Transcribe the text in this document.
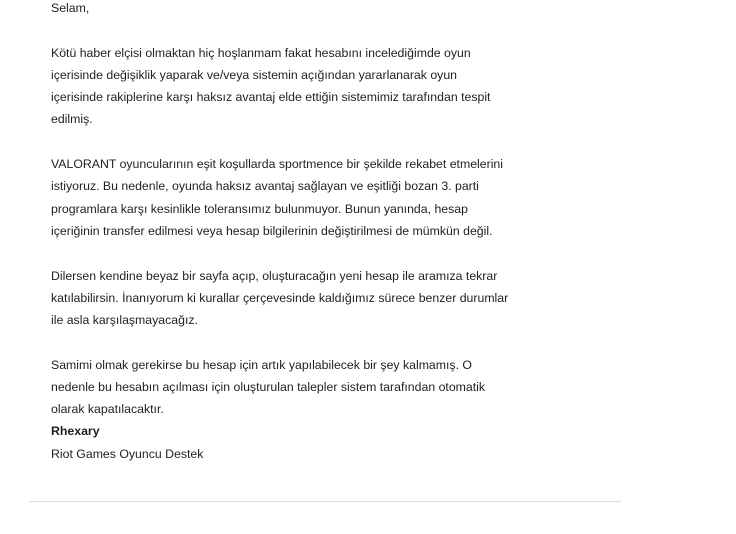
Selam,

Kötü haber elçisi olmaktan hiç hoşlanmam fakat hesabını incelediğimde oyun
içerisinde değişiklik yaparak ve/veya sistemin açığından yararlanarak oyun
içerisinde rakiplerine karşı haksız avantaj elde ettiğin sistemimiz tarafından tespit
edilmiş.

VALORANT oyuncularının eşit koşullarda sportmence bir şekilde rekabet etmelerini
istiyoruz. Bu nedenle, oyunda haksız avantaj sağlayan ve eşitliği bozan 3. parti
programlara karşı kesinlikle toleransımız bulunmuyor. Bunun yanında, hesap
içeriğinin transfer edilmesi veya hesap bilgilerinin değiştirilmesi de mümkün değil.

Dilersen kendine beyaz bir sayfa açıp, oluşturacağın yeni hesap ile aramıza tekrar
katılabilirsin. İnanıyorum ki kurallar çerçevesinde kaldığımız sürece benzer durumlar
ile asla karşılaşmayacağız.

Samimi olmak gerekirse bu hesap için artık yapılabilecek bir şey kalmamış. O
nedenle bu hesabın açılması için oluşturulan talepler sistem tarafından otomatik
olarak kapatılacaktır.

Rhexary
Riot Games Oyuncu Destek
